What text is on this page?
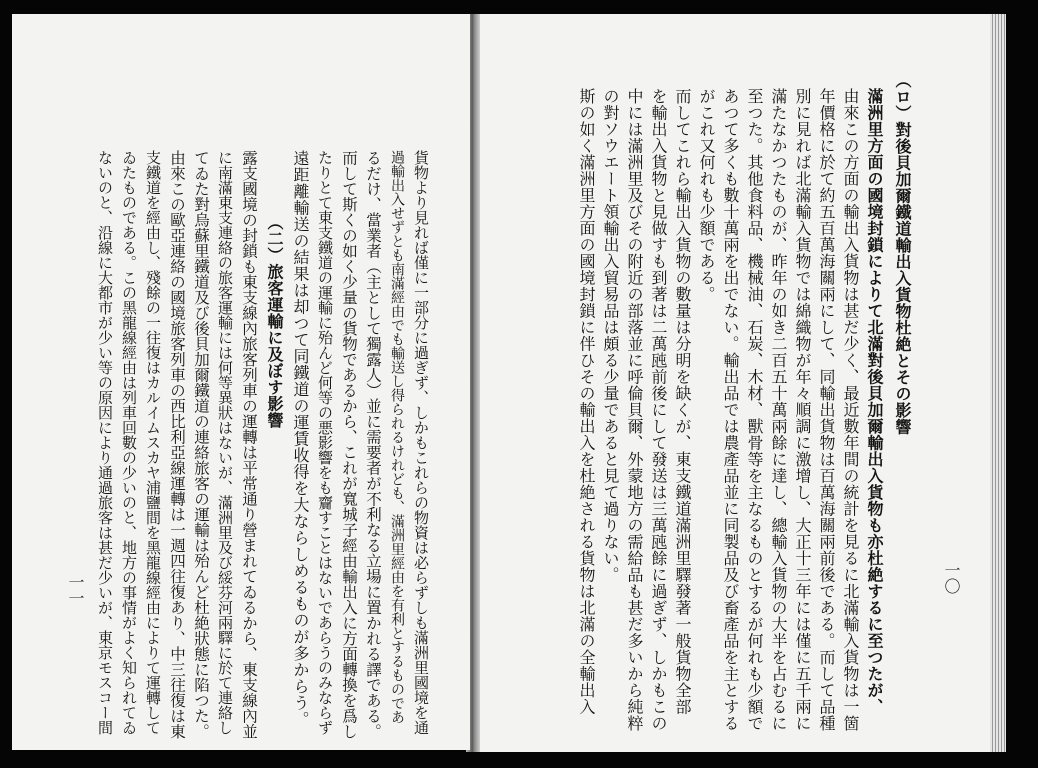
一〇
（ロ）對後貝加爾鐵道輸出入貨物杜絶とその影響
滿洲里方面の國境封鎖によりて北滿對後貝加爾輸出入貨物も亦杜絶するに至つたが、
由來この方面の輸出入貨物は甚だ少く、最近數年間の統計を見るに北滿輸入貨物は一箇
年價格に於て約五百萬海關兩にして、同輸出貨物は百萬海關兩前後である。而して品種
別に見れば北滿輸入貨物では綿織物が年々順調に激增し、大正十三年には僅に五千兩に
滿たなかつたものが、昨年の如き二百五十萬兩餘に達し、總輸入貨物の大半を占むるに
至つた。其他食料品、機械油、石炭、木材、獸骨等を主なるものとするが何れも少額で
あつて多くも數十萬兩を出でない。輸出品では農產品並に同製品及び畜產品を主とする
がこれ又何れも少額である。
而してこれら輸出入貨物の數量は分明を缺くが、東支鐵道滿洲里驛發著一般貨物全部
を輸出入貨物と見做すも到著は二萬瓲前後にして發送は三萬瓲餘に過ぎず、しかもこの
中には滿洲里及びその附近の部落並に呼倫貝爾、外蒙地方の需給品も甚だ多いから純粹
の對ソウエート領輸出入貿易品は頗る少量であると見て過りない。
斯の如く滿洲里方面の國境封鎖に伴ひその輸出入を杜絶される貨物は北滿の全輸出入
貨物より見れば僅に一部分に過ぎず、しかもこれらの物資は必らずしも滿洲里國境を通
過輸出入せずとも南滿經由でも輸送し得られるけれども、滿洲里經由を有利とするものであ
るだけ、當業者（主として獨露人）並に需要者が不利なる立場に置かれる譯である。
而して斯くの如く少量の貨物であるから、これが寬城子經由輸出入に方面轉換を爲し
たりとて東支鐵道の運輸に殆んど何等の悪影響をも齎すことはないであらうのみならず
遠距離輸送の結果は却つて同鐵道の運賃收得を大ならしめるものが多からう。
（二）旅客運輸に及ぼす影響
露支國境の封鎖も東支線內旅客列車の運轉は平常通り營まれてゐるから、東支線內並
に南滿東支連絡の旅客運輸には何等異狀はないが、滿洲里及び綏芬河兩驛に於て連絡し
てゐた對烏蘇里鐵道及び後貝加爾鐵道の連絡旅客の運輸は殆んど杜絶狀態に陷つた。
由來この歐亞連絡の國境旅客列車の西比利亞線運轉は一週四往復あり、中三往復は東
支鐵道を經由し、殘餘の一往復はカルイムスカヤ浦鹽間を黑龍線經由によりて運轉して
ゐたものである。この黑龍線經由は列車回數の少いのと、地方の事情がよく知られてゐ
ないのと、沿線に大都市が少い等の原因により通過旅客は甚だ少いが、東京モスコー間
一一
